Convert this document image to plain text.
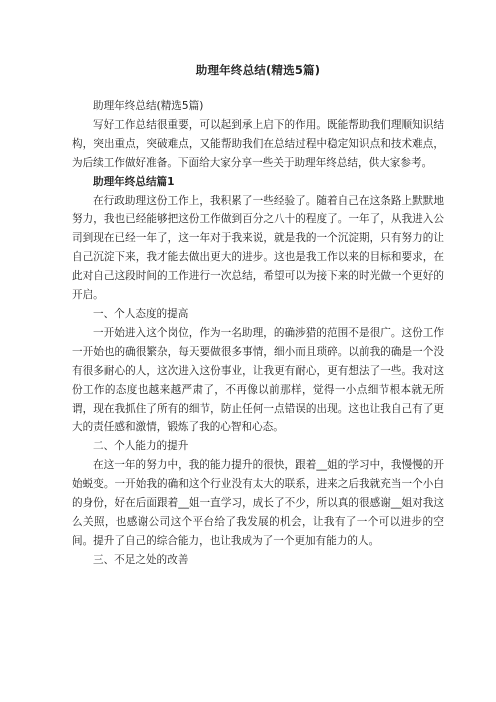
助理年终总结(精选5篇)

助理年终总结(精选5篇)

写好工作总结很重要，可以起到承上启下的作用。既能帮助我们理顺知识结构，突出重点，突破难点，又能帮助我们在总结过程中稳定知识点和技术难点，为后续工作做好准备。下面给大家分享一些关于助理年终总结，供大家参考。

助理年终总结篇1

在行政助理这份工作上，我积累了一些经验了。随着自己在这条路上默默地努力，我也已经能够把这份工作做到百分之八十的程度了。一年了，从我进入公司到现在已经一年了，这一年对于我来说，就是我的一个沉淀期，只有努力的让自己沉淀下来，我才能去做出更大的进步。这也是我工作以来的目标和要求，在此对自己这段时间的工作进行一次总结，希望可以为接下来的时光做一个更好的开启。

一、个人态度的提高

一开始进入这个岗位，作为一名助理，的确涉猎的范围不是很广。这份工作一开始也的确很繁杂，每天要做很多事情，细小而且琐碎。以前我的确是一个没有很多耐心的人，这次进入这份事业，让我更有耐心，更有想法了一些。我对这份工作的态度也越来越严肃了，不再像以前那样，觉得一小点细节根本就无所谓，现在我抓住了所有的细节，防止任何一点错误的出现。这也让我自己有了更大的责任感和激情，锻炼了我的心智和心态。

二、个人能力的提升

在这一年的努力中，我的能力提升的很快，跟着__姐的学习中，我慢慢的开始蜕变。一开始我的确和这个行业没有太大的联系，进来之后我就充当一个小白的身份，好在后面跟着__姐一直学习，成长了不少，所以真的很感谢__姐对我这么关照，也感谢公司这个平台给了我发展的机会，让我有了一个可以进步的空间。提升了自己的综合能力，也让我成为了一个更加有能力的人。

三、不足之处的改善
